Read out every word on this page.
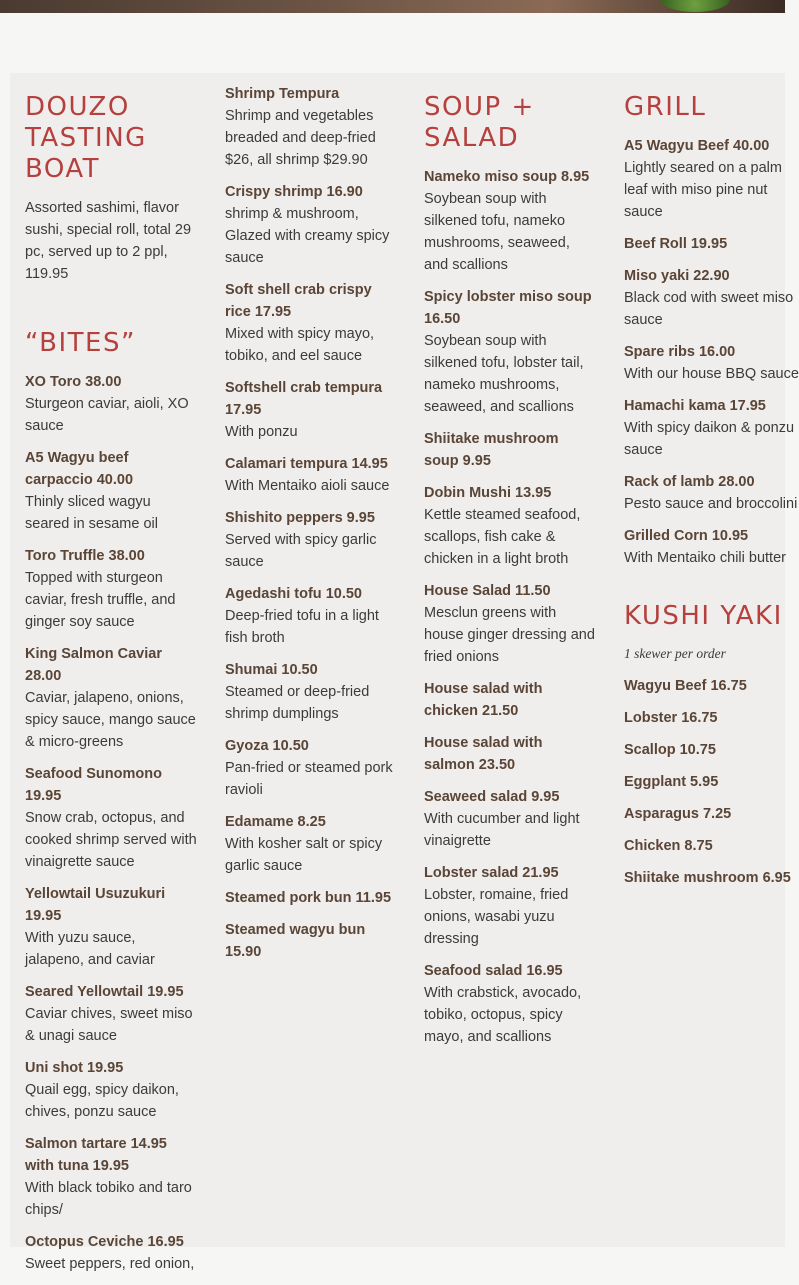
DOUZO TASTING BOAT
Assorted sashimi, flavor sushi, special roll, total 29 pc, served up to 2 ppl, 119.95
“BITES”
XO Toro 38.00
Sturgeon caviar, aioli, XO sauce
A5 Wagyu beef carpaccio 40.00
Thinly sliced wagyu seared in sesame oil
Toro Truffle 38.00
Topped with sturgeon caviar, fresh truffle, and ginger soy sauce
King Salmon Caviar 28.00
Caviar, jalapeno, onions, spicy sauce, mango sauce & micro-greens
Seafood Sunomono 19.95
Snow crab, octopus, and cooked shrimp served with vinaigrette sauce
Yellowtail Usuzukuri 19.95
With yuzu sauce, jalapeno, and caviar
Seared Yellowtail 19.95
Caviar chives, sweet miso & unagi sauce
Uni shot 19.95
Quail egg, spicy daikon, chives, ponzu sauce
Salmon tartare 14.95 with tuna 19.95
With black tobiko and taro chips/
Octopus Ceviche 16.95
Sweet peppers, red onion,
Shrimp Tempura
Shrimp and vegetables breaded and deep-fried $26, all shrimp $29.90
Crispy shrimp 16.90
shrimp & mushroom, Glazed with creamy spicy sauce
Soft shell crab crispy rice 17.95
Mixed with spicy mayo, tobiko, and eel sauce
Softshell crab tempura 17.95
With ponzu
Calamari tempura 14.95
With Mentaiko aioli sauce
Shishito peppers 9.95
Served with spicy garlic sauce
Agedashi tofu 10.50
Deep-fried tofu in a light fish broth
Shumai 10.50
Steamed or deep-fried shrimp dumplings
Gyoza 10.50
Pan-fried or steamed pork ravioli
Edamame 8.25
With kosher salt or spicy garlic sauce
Steamed pork bun 11.95
Steamed wagyu bun 15.90
SOUP + SALAD
Nameko miso soup 8.95
Soybean soup with silkened tofu, nameko mushrooms, seaweed, and scallions
Spicy lobster miso soup 16.50
Soybean soup with silkened tofu, lobster tail, nameko mushrooms, seaweed, and scallions
Shiitake mushroom soup 9.95
Dobin Mushi 13.95
Kettle steamed seafood, scallops, fish cake & chicken in a light broth
House Salad 11.50
Mesclun greens with house ginger dressing and fried onions
House salad with chicken 21.50
House salad with salmon 23.50
Seaweed salad 9.95
With cucumber and light vinaigrette
Lobster salad 21.95
Lobster, romaine, fried onions, wasabi yuzu dressing
Seafood salad 16.95
With crabstick, avocado, tobiko, octopus, spicy mayo, and scallions
GRILL
A5 Wagyu Beef 40.00
Lightly seared on a palm leaf with miso pine nut sauce
Beef Roll 19.95
Miso yaki 22.90
Black cod with sweet miso sauce
Spare ribs 16.00
With our house BBQ sauce
Hamachi kama 17.95
With spicy daikon & ponzu sauce
Rack of lamb 28.00
Pesto sauce and broccolini
Grilled Corn 10.95
With Mentaiko chili butter
KUSHI YAKI
1 skewer per order
Wagyu Beef 16.75
Lobster 16.75
Scallop 10.75
Eggplant 5.95
Asparagus 7.25
Chicken 8.75
Shiitake mushroom 6.95
